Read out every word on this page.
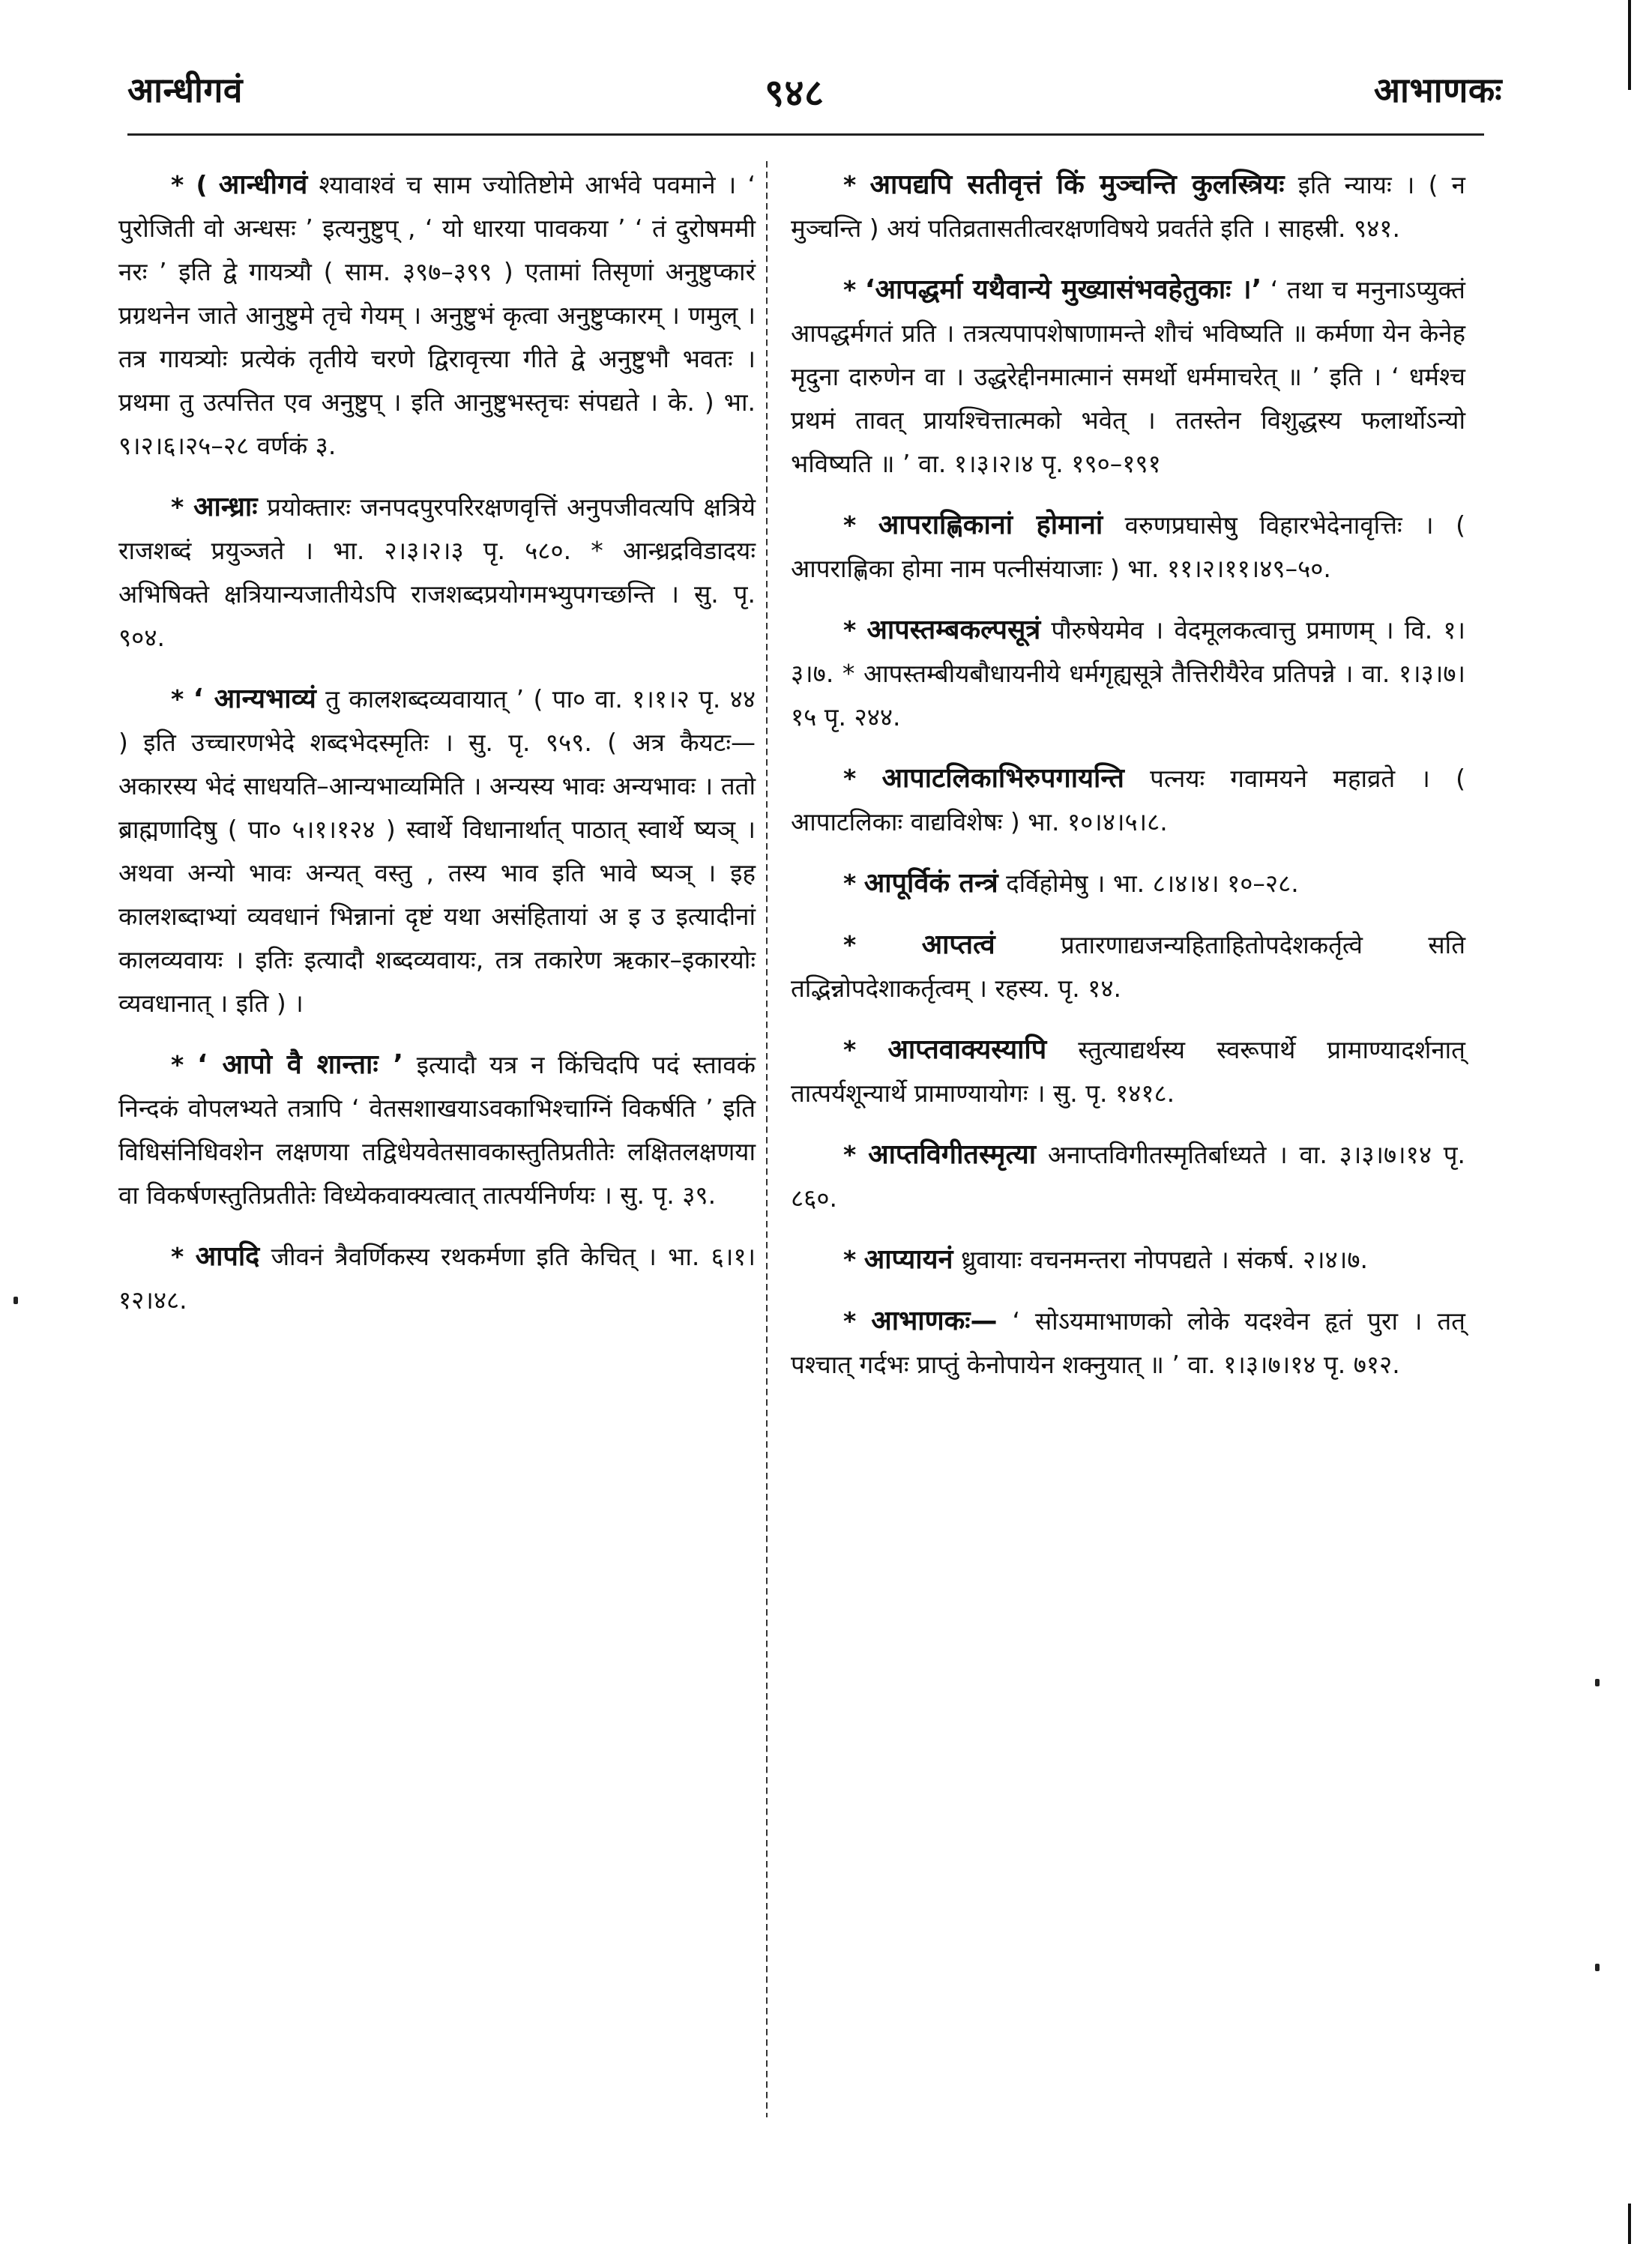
आन्धीगवं	९४८	आभाणकः

* ( आन्धीगवं श्यावाश्वं च साम ज्योतिष्टोमे आर्भवे पवमाने । ‘ पुरोजिती वो अन्धसः ’ इत्यनुष्टुप् , ‘ यो धारया पावकया ’ ‘ तं दुरोषममी नरः ’ इति द्वे गायत्र्यौ ( साम. ३९७–३९९ ) एतामां तिसृणां अनुष्टुप्कारं प्रग्रथनेन जाते आनुष्टुमे तृचे गेयम् । अनुष्टुभं कृत्वा अनुष्टुप्कारम् । णमुल् । तत्र गायत्र्योः प्रत्येकं तृतीये चरणे द्विरावृत्त्या गीते द्वे अनुष्टुभौ भवतः । प्रथमा तु उत्पत्तित एव अनुष्टुप् । इति आनुष्टुभस्तृचः संपद्यते । के. ) भा. ९।२।६।२५–२८ वर्णकं ३.

* आन्ध्राः प्रयोक्तारः जनपदपुरपरिरक्षणवृत्तिं अनुपजीवत्यपि क्षत्रिये राजशब्दं प्रयुञ्जते । भा. २।३।२।३ पृ. ५८०. * आन्ध्रद्रविडादयः अभिषिक्ते क्षत्रियान्यजातीयेऽपि राजशब्दप्रयोगमभ्युपगच्छन्ति । सु. पृ. ९०४.

* ‘ आन्यभाव्यं तु कालशब्दव्यवायात् ’ ( पा० वा. १।१।२ पृ. ४४ ) इति उच्चारणभेदे शब्दभेदस्मृतिः । सु. पृ. ९५९. ( अत्र कैयटः— अकारस्य भेदं साधयति–आन्यभाव्यमिति । अन्यस्य भावः अन्यभावः । ततो ब्राह्मणादिषु ( पा० ५।१।१२४ ) स्वार्थे विधानार्थात् पाठात् स्वार्थे ष्यञ् । अथवा अन्यो भावः अन्यत् वस्तु , तस्य भाव इति भावे ष्यञ् । इह कालशब्दाभ्यां व्यवधानं भिन्नानां दृष्टं यथा असंहितायां अ इ उ इत्यादीनां कालव्यवायः । इतिः इत्यादौ शब्दव्यवायः, तत्र तकारेण ऋकार–इकारयोः व्यवधानात् । इति ) ।

* ‘ आपो वै शान्ताः ’ इत्यादौ यत्र न किंचिदपि पदं स्तावकं निन्दकं वोपलभ्यते तत्रापि ‘ वेतसशाखयाऽवकाभिश्चाग्निं विकर्षति ’ इति विधिसंनिधिवशेन लक्षणया तद्विधेयवेतसावकास्तुतिप्रतीतेः लक्षितलक्षणया वा विकर्षणस्तुतिप्रतीतेः विध्येकवाक्यत्वात् तात्पर्यनिर्णयः । सु. पृ. ३९.

* आपदि जीवनं त्रैवर्णिकस्य रथकर्मणा इति केचित् । भा. ६।१।१२।४८.

* आपद्यपि सतीवृत्तं किं मुञ्चन्ति कुलस्त्रियः इति न्यायः । ( न मुञ्चन्ति ) अयं पतिव्रतासतीत्वरक्षणविषये प्रवर्तते इति । साहस्री. ९४१.

* ‘आपद्धर्मा यथैवान्ये मुख्यासंभवहेतुकाः ।’ ‘ तथा च मनुनाऽप्युक्तं आपद्धर्मगतं प्रति । तत्रत्यपापशेषाणामन्ते शौचं भविष्यति ॥ कर्मणा येन केनेह मृदुना दारुणेन वा । उद्धरेद्दीनमात्मानं समर्थो धर्ममाचरेत् ॥ ’ इति । ‘ धर्मश्च प्रथमं तावत् प्रायश्चित्तात्मको भवेत् । ततस्तेन विशुद्धस्य फलार्थोऽन्यो भविष्यति ॥ ’ वा. १।३।२।४ पृ. १९०–१९१

* आपराह्णिकानां होमानां वरुणप्रघासेषु विहारभेदेनावृत्तिः । ( आपराह्णिका होमा नाम पत्नीसंयाजाः ) भा. ११।२।११।४९–५०.

* आपस्तम्बकल्पसूत्रं पौरुषेयमेव । वेदमूलकत्वात्तु प्रमाणम् । वि. १।३।७. * आपस्तम्बीयबौधायनीये धर्मगृह्यसूत्रे तैत्तिरीयैरेव प्रतिपन्ने । वा. १।३।७। १५ पृ. २४४.

* आपाटलिकाभिरुपगायन्ति पत्नयः गवामयने महाव्रते । ( आपाटलिकाः वाद्यविशेषः ) भा. १०।४।५।८.

* आपूर्विकं तन्त्रं दर्विहोमेषु । भा. ८।४।४। १०–२८.

* आप्तत्वं प्रतारणाद्यजन्यहिताहितोपदेशकर्तृत्वे सति तद्भिन्नोपदेशाकर्तृत्वम् । रहस्य. पृ. १४.

* आप्तवाक्यस्यापि स्तुत्याद्यर्थस्य स्वरूपार्थे प्रामाण्यादर्शनात् तात्पर्यशून्यार्थे प्रामाण्यायोगः । सु. पृ. १४१८.

* आप्तविगीतस्मृत्या अनाप्तविगीतस्मृतिर्बाध्यते । वा. ३।३।७।१४ पृ. ८६०.

* आप्यायनं ध्रुवायाः वचनमन्तरा नोपपद्यते । संकर्ष. २।४।७.

* आभाणकः— ‘ सोऽयमाभाणको लोके यदश्वेन हृतं पुरा । तत् पश्चात् गर्दभः प्राप्तुं केनोपायेन शक्नुयात् ॥ ’ वा. १।३।७।१४ पृ. ७१२.
